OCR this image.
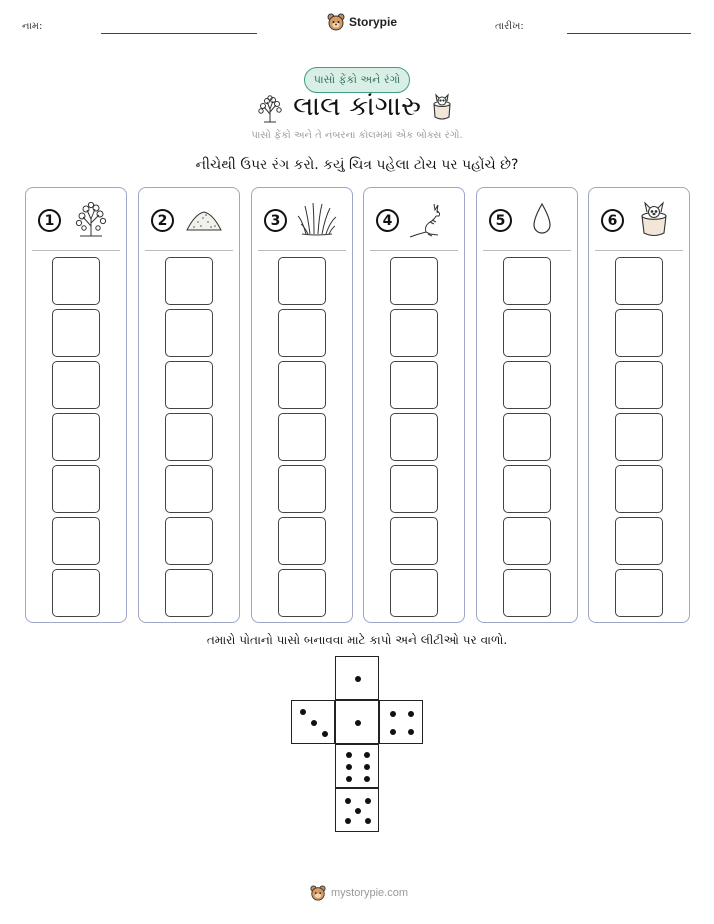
નામ:	Storypie	તારીખ:
પાસો ફેંકો અને રંગો
લાલ કાંગારુ
પાસો ફેંકો અને તે નંબરના કૉલમમાં એક બોક્સ રંગો.
નીચેથી ઉપર રંગ કરો. કયું ચિત્ર પહેલા ટોચ પર પહોંચે છે?
1	2	3	4	5	6
તમારો પોતાનો પાસો બનાવવા માટે કાપો અને લીટીઓ પર વાળો.
mystorypie.com
